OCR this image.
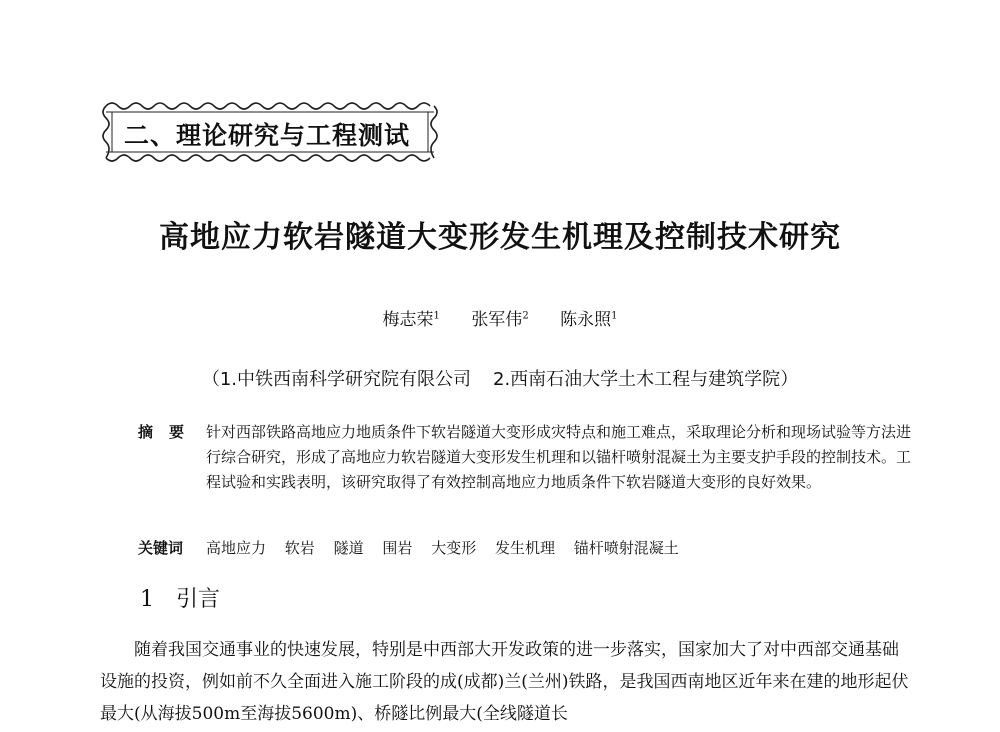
二、理论研究与工程测试
高地应力软岩隧道大变形发生机理及控制技术研究
梅志荣$^1$ 张军伟$^2$ 陈永照$^1$
（1.中铁西南科学研究院有限公司 2.西南石油大学土木工程与建筑学院）
摘要 针对西部铁路高地应力地质条件下软岩隧道大变形成灾特点和施工难点，采取理论分析和现场试验等方法进行综合研究，形成了高地应力软岩隧道大变形发生机理和以锚杆喷射混凝土为主要支护手段的控制技术。工程试验和实践表明，该研究取得了有效控制高地应力地质条件下软岩隧道大变形的良好效果。
关键词 高地应力 软岩 隧道 围岩 大变形 发生机理 锚杆喷射混凝土
1 引言
随着我国交通事业的快速发展，特别是中西部大开发政策的进一步落实，国家加大了对中西部交通基础设施的投资，例如前不久全面进入施工阶段的成(成都)兰(兰州)铁路，是我国西南地区近年来在建的地形起伏最大(从海拔500m至海拔5600m)、桥隧比例最大(全线隧道长
